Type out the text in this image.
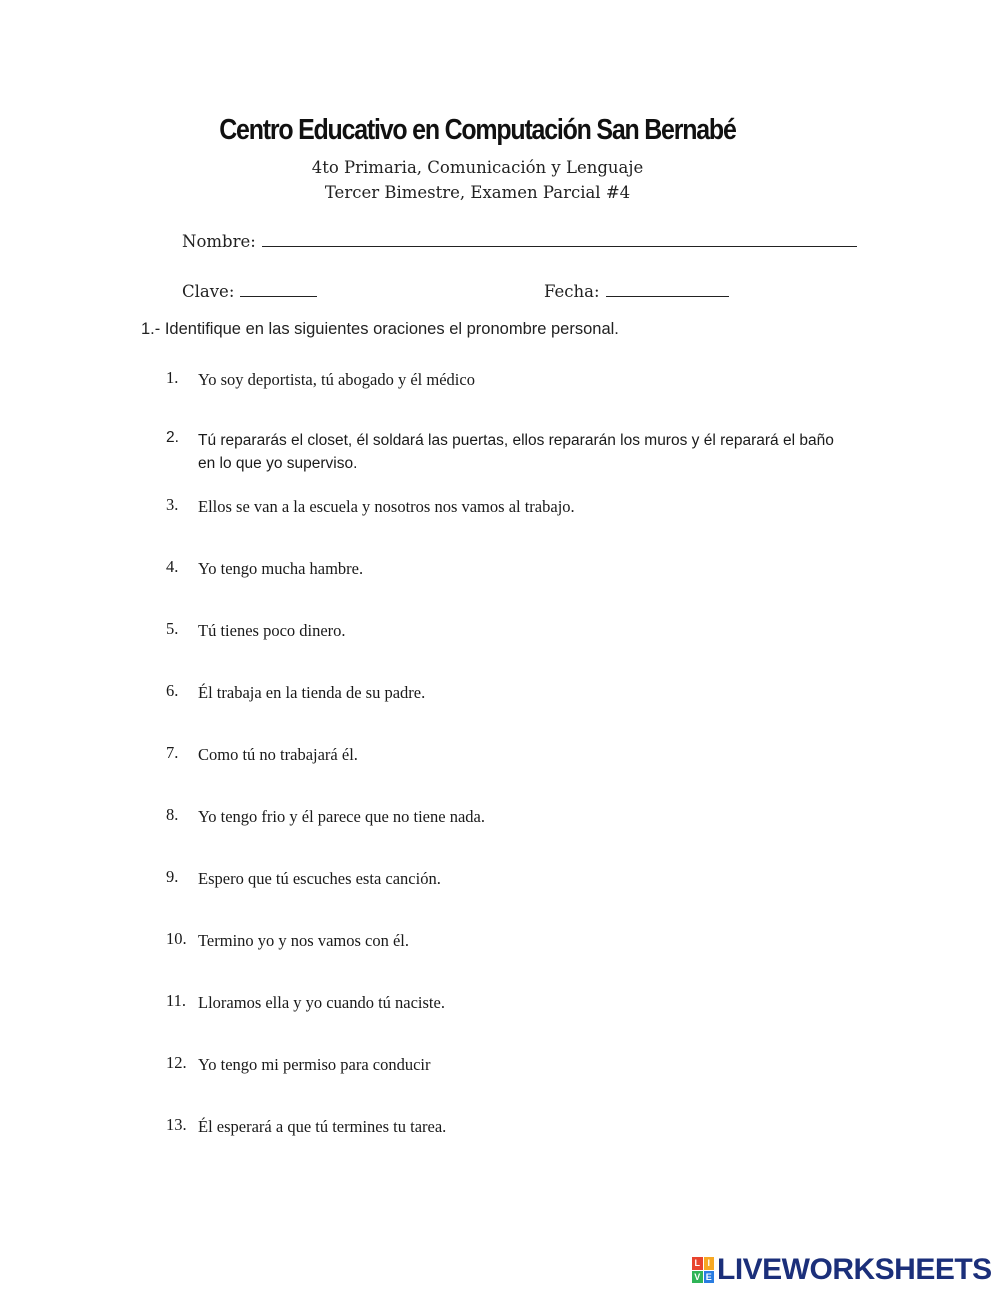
Centro Educativo en Computación San Bernabé
4to Primaria, Comunicación y Lenguaje
Tercer Bimestre, Examen Parcial #4
Nombre:
Clave:	Fecha:
1.- Identifique en las siguientes oraciones el pronombre personal.
1.	Yo soy deportista, tú abogado y él médico
2.	Tú repararás el closet, él soldará las puertas, ellos repararán los muros y él reparará el baño en lo que yo superviso.
3.	Ellos se van a la escuela y nosotros nos vamos al trabajo.
4.	Yo tengo mucha hambre.
5.	Tú tienes poco dinero.
6.	Él trabaja en la tienda de su padre.
7.	Como tú no trabajará él.
8.	Yo tengo frio y él parece que no tiene nada.
9.	Espero que tú escuches esta canción.
10. Termino yo y nos vamos con él.
11. Lloramos ella y yo cuando tú naciste.
12. Yo tengo mi permiso para conducir
13. Él esperará a que tú termines tu tarea.
L I
V E LIVEWORKSHEETS
